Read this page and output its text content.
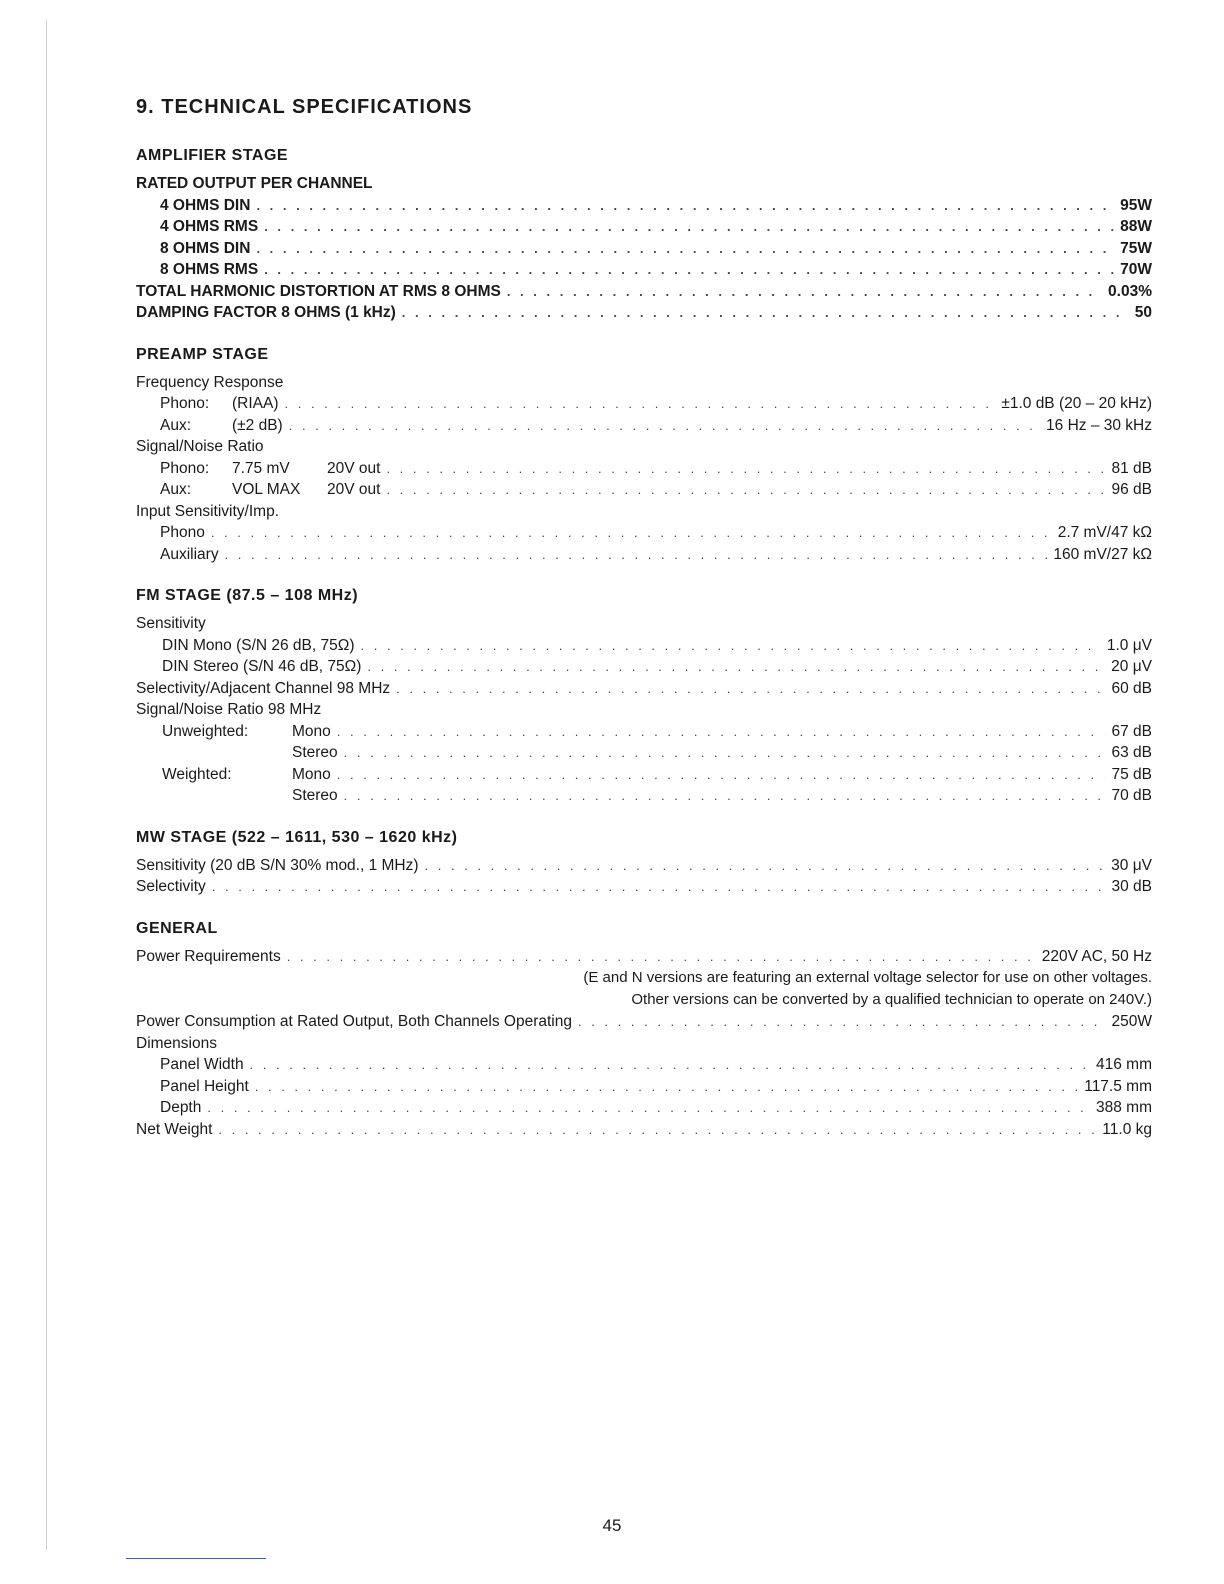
9. TECHNICAL SPECIFICATIONS
AMPLIFIER STAGE
RATED OUTPUT PER CHANNEL
4 OHMS DIN . . .	95W
4 OHMS RMS . . .	88W
8 OHMS DIN . . .	75W
8 OHMS RMS . . .	70W
TOTAL HARMONIC DISTORTION AT RMS 8 OHMS . . .	0.03%
DAMPING FACTOR 8 OHMS (1 kHz) . . .	50
PREAMP STAGE
Frequency Response
Phono: (RIAA) . . .	±1.0 dB (20 – 20 kHz)
Aux:	(±2 dB) . . .	16 Hz – 30 kHz
Signal/Noise Ratio
Phono: 7.75 mV 20V out . . .	81 dB
Aux:	VOL MAX 20V out . . .	96 dB
Input Sensitivity/Imp.
Phono . . .	2.7 mV/47 kΩ
Auxiliary . . .	160 mV/27 kΩ
FM STAGE (87.5 – 108 MHz)
Sensitivity
DIN Mono (S/N 26 dB, 75Ω) . . .	1.0 μV
DIN Stereo (S/N 46 dB, 75Ω) . . .	20 μV
Selectivity/Adjacent Channel 98 MHz . . .	60 dB
Signal/Noise Ratio 98 MHz
Unweighted:	Mono . . .	67 dB
Stereo . . .	63 dB
Weighted:	Mono . . .	75 dB
Stereo . . .	70 dB
MW STAGE (522 – 1611, 530 – 1620 kHz)
Sensitivity (20 dB S/N 30% mod., 1 MHz) . . .	30 μV
Selectivity . . .	30 dB
GENERAL
Power Requirements . . .	220V AC, 50 Hz
(E and N versions are featuring an external voltage selector for use on other voltages.
Other versions can be converted by a qualified technician to operate on 240V.)
Power Consumption at Rated Output, Both Channels Operating . . .	250W
Dimensions
Panel Width . . .	416 mm
Panel Height . . .	117.5 mm
Depth . . .	388 mm
Net Weight . . .	11.0 kg
45
